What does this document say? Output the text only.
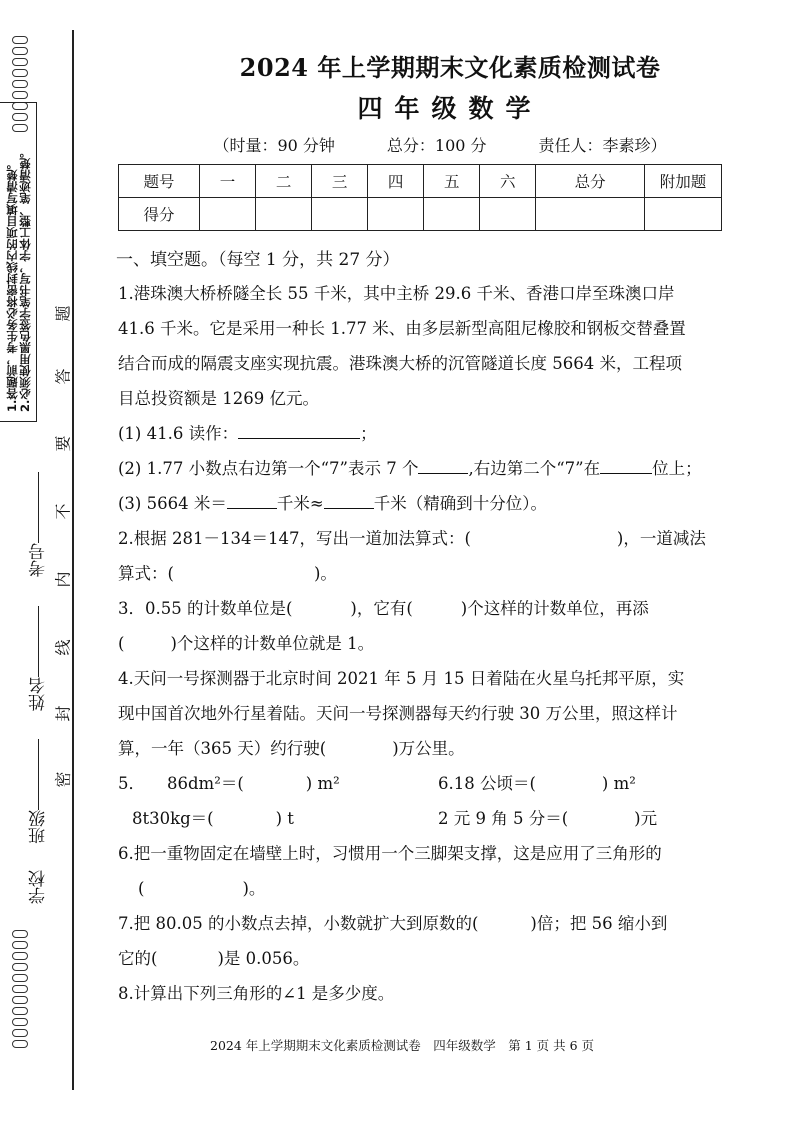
1.答题前，考生务必将密封线内的项目填写清楚。 2.必须使用黑色签字笔书写，字体工整、笔迹清楚。
考号
姓名
班级
学校
答
题
要
不
内
线
封
密
2024 年上学期期末文化素质检测试卷
四年级数学
（时量：90 分钟	总分：100 分	责任人：李素珍）
题号	一	二	三	四	五	六	总分	附加题
得分								
一、填空题。（每空 1 分，共 27 分）

1.港珠澳大桥桥隧全长 55 千米，其中主桥 29.6 千米、香港口岸至珠澳口岸

41.6 千米。它是采用一种长 1.77 米、由多层新型高阻尼橡胶和钢板交替叠置

结合而成的隔震支座实现抗震。港珠澳大桥的沉管隧道长度 5664 米，工程项

目总投资额是 1269 亿元。

(1) 41.6 读作：	；

(2) 1.77 小数点右边第一个“7”表示 7 个	,右边第二个“7”在	位上；

(3) 5664 米＝	千米≈	千米（精确到十分位）。

2.根据 281－134＝147，写出一道加法算式：(	)，一道减法

算式：(	)。

3．0.55 的计数单位是(	)，它有(	)个这样的计数单位，再添

(	)个这样的计数单位就是 1。

4.天问一号探测器于北京时间 2021 年 5 月 15 日着陆在火星乌托邦平原，实

现中国首次地外行星着陆。天问一号探测器每天约行驶 30 万公里，照这样计

算，一年（365 天）约行驶(	)万公里。

5． 86dm²＝(	) m²	6.18 公顷＝(	) m²
8t30kg＝(	) t	2 元 9 角 5 分＝(	)元

6.把一重物固定在墙壁上时，习惯用一个三脚架支撑，这是应用了三角形的

(	)。

7.把 80.05 的小数点去掉，小数就扩大到原数的(	)倍；把 56 缩小到

它的(	)是 0.056。

8.计算出下列三角形的∠1 是多少度。

2024 年上学期期末文化素质检测试卷　四年级数学　第 1 页 共 6 页
